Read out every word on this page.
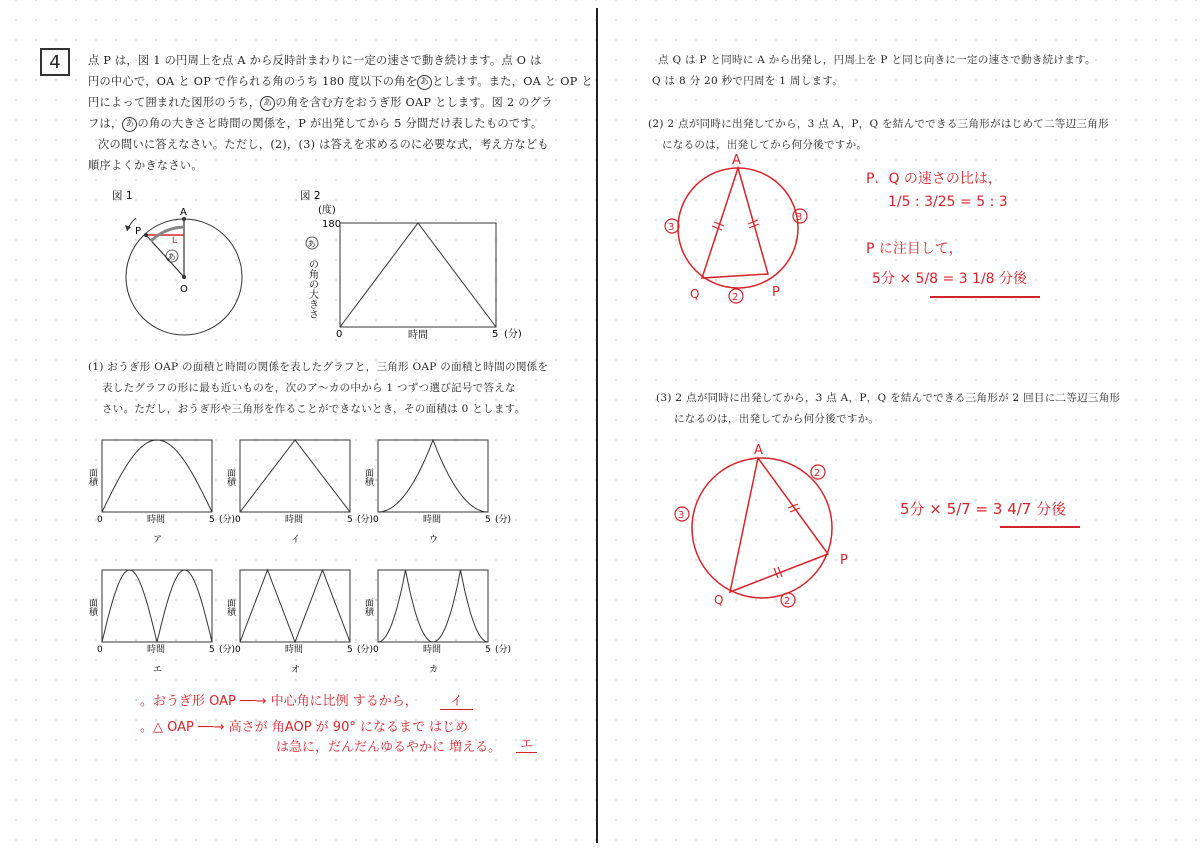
4 点 P は，図 1 の円周上を点 A から反時計まわりに一定の速さで動き続けます。点 O は
円の中心で，OA と OP で作られる角のうち 180 度以下の角を あ とします。また，OA と OP と
円によって囲まれた図形のうち， あ の角を含む方をおうぎ形 OAP とします。図 2 のグラ
フは， あ の角の大きさと時間の関係を，P が出発してから 5 分間だけ表したものです。
次の問いに答えなさい。ただし，(2)，(3) は答えを求めるのに必要な式，考え方なども
順序よくかきなさい。
図 1
A
P
O
L
あ
図 2
(度)
180
0	5 (分)
時間
あ
の角の大きさ
(1) おうぎ形 OAP の面積と時間の関係を表したグラフと，三角形 OAP の面積と時間の関係を
表したグラフの形に最も近いものを，次のア～カの中から 1 つずつ選び記号で答えな
さい。ただし，おうぎ形や三角形を作ることができないとき，その面積は 0 とします。
面積
0	5 (分)
時間
ア
面積
0	5 (分)
時間
イ
面積
0	5 (分)
時間
ウ
面積
0	5 (分)
時間
エ
面積
0	5 (分)
時間
オ
面積
0	5 (分)
時間
カ
。おうぎ形 OAP ──→ 中心角に比例 するから， イ
。△ OAP ──→ 高さが 角AOP が 90° になるまで はじめ
は急に，だんだんゆるやかに 増える。	エ
点 Q は P と同時に A から出発し，円周上を P と同じ向きに一定の速さで動き続けます。
Q は 8 分 20 秒で円周を 1 周します。
(2) 2 点が同時に出発してから，3 点 A，P，Q を結んでできる三角形がはじめて二等辺三角形
になるのは，出発してから何分後ですか。
A
P
Q
3
3
2
P．Q の速さの比は，
1/5 : 3/25 = 5 : 3
P に注目して，
5分 × 5/8 = 3 1/8 分後
(3) 2 点が同時に出発してから，3 点 A，P，Q を結んでできる三角形が 2 回目に二等辺三角形
になるのは，出発してから何分後ですか。
A
P
Q
3
2
2
5分 × 5/7 = 3 4/7 分後
